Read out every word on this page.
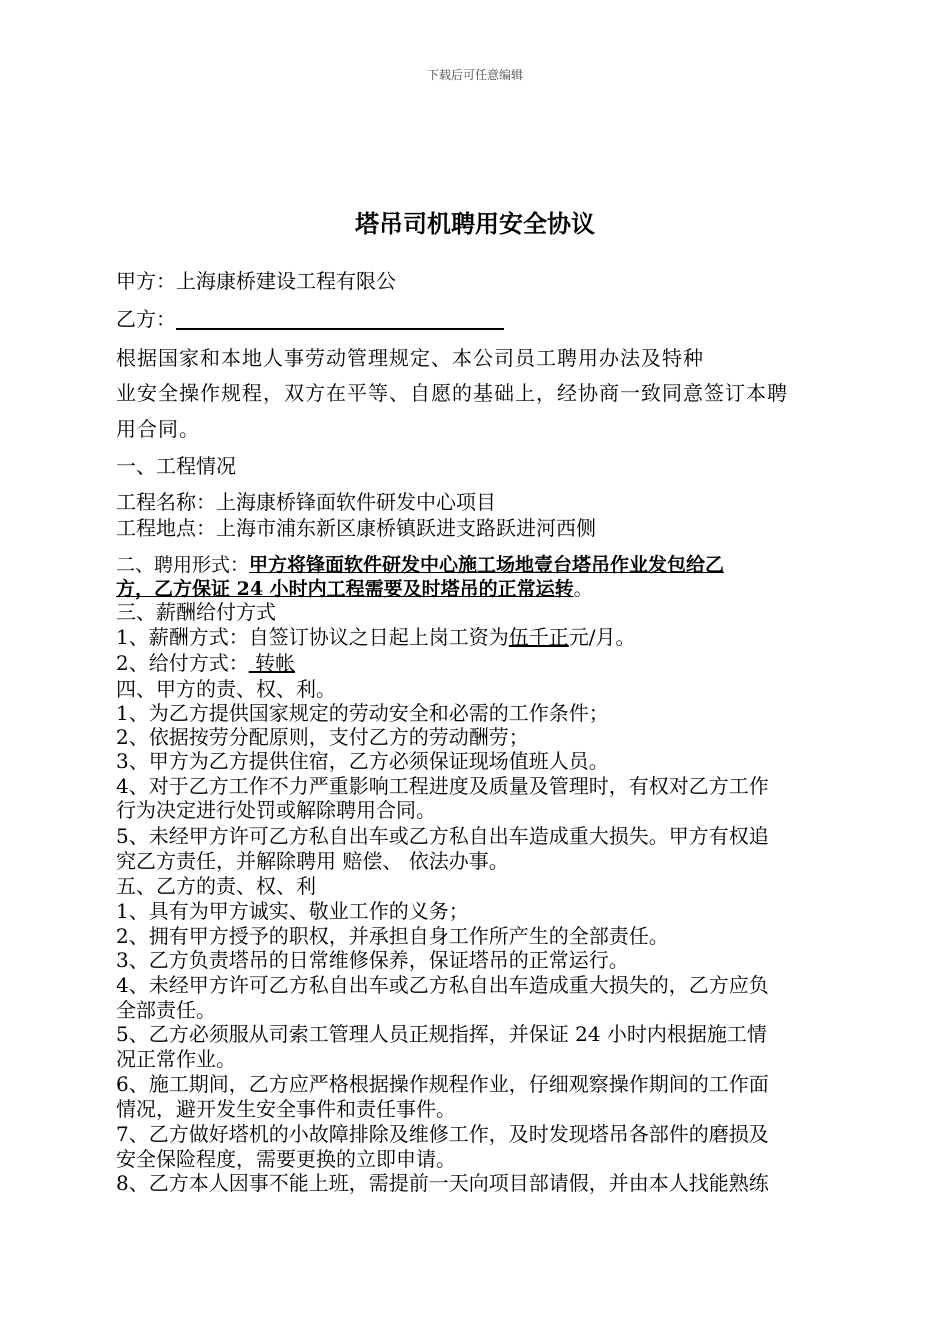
下载后可任意编辑
塔吊司机聘用安全协议
甲方：上海康桥建设工程有限公
乙方：
根据国家和本地人事劳动管理规定、本公司员工聘用办法及特种
业安全操作规程，双方在平等、自愿的基础上，经协商一致同意签订本聘
用合同。
一、工程情况
工程名称：上海康桥锋面软件研发中心项目
工程地点：上海市浦东新区康桥镇跃进支路跃进河西侧
二、聘用形式：甲方将锋面软件研发中心施工场地壹台塔吊作业发包给乙
方，乙方保证 24 小时内工程需要及时塔吊的正常运转。
三、薪酬给付方式
1、薪酬方式：自签订协议之日起上岗工资为伍千正元/月。
2、给付方式： 转帐
四、甲方的责、权、利。
1、为乙方提供国家规定的劳动安全和必需的工作条件；
2、依据按劳分配原则，支付乙方的劳动酬劳；
3、甲方为乙方提供住宿，乙方必须保证现场值班人员。
4、对于乙方工作不力严重影响工程进度及质量及管理时，有权对乙方工作
行为决定进行处罚或解除聘用合同。
5、未经甲方许可乙方私自出车或乙方私自出车造成重大损失。甲方有权追
究乙方责任，并解除聘用 赔偿、 依法办事。
五、乙方的责、权、利
1、具有为甲方诚实、敬业工作的义务；
2、拥有甲方授予的职权，并承担自身工作所产生的全部责任。
3、乙方负责塔吊的日常维修保养，保证塔吊的正常运行。
4、未经甲方许可乙方私自出车或乙方私自出车造成重大损失的，乙方应负
全部责任。
5、乙方必须服从司索工管理人员正规指挥，并保证 24 小时内根据施工情
况正常作业。
6、施工期间，乙方应严格根据操作规程作业，仔细观察操作期间的工作面
情况，避开发生安全事件和责任事件。
7、乙方做好塔机的小故障排除及维修工作，及时发现塔吊各部件的磨损及
安全保险程度，需要更换的立即申请。
8、乙方本人因事不能上班，需提前一天向项目部请假，并由本人找能熟练
